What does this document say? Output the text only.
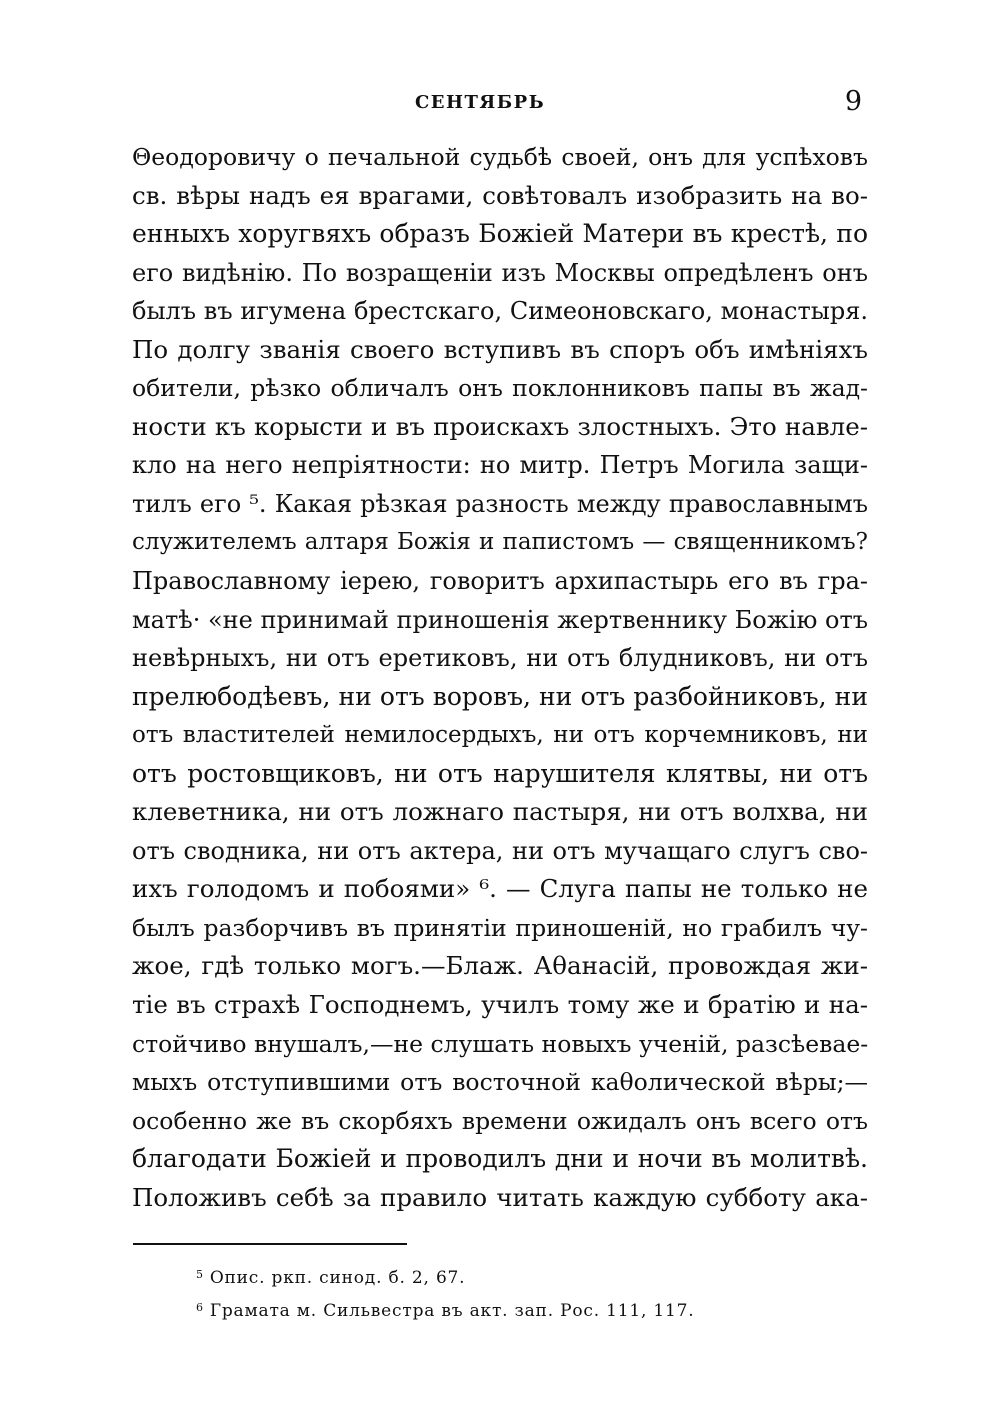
СЕНТЯБРЬ	9
Θеодоровичу о печальной судьбѣ своей, онъ для успѣховъ
св. вѣры надъ ея врагами, совѣтовалъ изобразить на во-
енныхъ хоругвяхъ образъ Божіей Матери въ крестѣ, по
его видѣнію. По возращеніи изъ Москвы опредѣленъ онъ
былъ въ игумена брестскаго, Симеоновскаго, монастыря.
По долгу званія своего вступивъ въ споръ объ имѣніяхъ
обители, рѣзко обличалъ онъ поклонниковъ папы въ жад-
ности къ корысти и въ проискахъ злостныхъ. Это навле-
кло на него непріятности: но митр. Петръ Могила защи-
тилъ его ⁵. Какая рѣзкая разность между православнымъ
служителемъ алтаря Божія и папистомъ — священникомъ?
Православному іерею, говоритъ архипастырь его въ гра-
матѣ· «не принимай приношенія жертвеннику Божію отъ
невѣрныхъ, ни отъ еретиковъ, ни отъ блудниковъ, ни отъ
прелюбодѣевъ, ни отъ воровъ, ни отъ разбойниковъ, ни
отъ властителей немилосердыхъ, ни отъ корчемниковъ, ни
отъ ростовщиковъ, ни отъ нарушителя клятвы, ни отъ
клеветника, ни отъ ложнаго пастыря, ни отъ волхва, ни
отъ сводника, ни отъ актера, ни отъ мучащаго слугъ сво-
ихъ голодомъ и побоями» ⁶. — Слуга папы не только не
былъ разборчивъ въ принятіи приношеній, но грабилъ чу-
жое, гдѣ только могъ.—Блаж. Аθанасій, провождая жи-
тіе въ страхѣ Господнемъ, училъ тому же и братію и на-
стойчиво внушалъ,—не слушать новыхъ ученій, разсѣевае-
мыхъ отступившими отъ восточной каθолической вѣры;—
особенно же въ скорбяхъ времени ожидалъ онъ всего отъ
благодати Божіей и проводилъ дни и ночи въ молитвѣ.
Положивъ себѣ за правило читать каждую субботу ака-
$^5$ Опис. ркп. синод. б. 2, 67.
$^6$ Грамата м. Сильвестра въ акт. зап. Рос. 111, 117.
